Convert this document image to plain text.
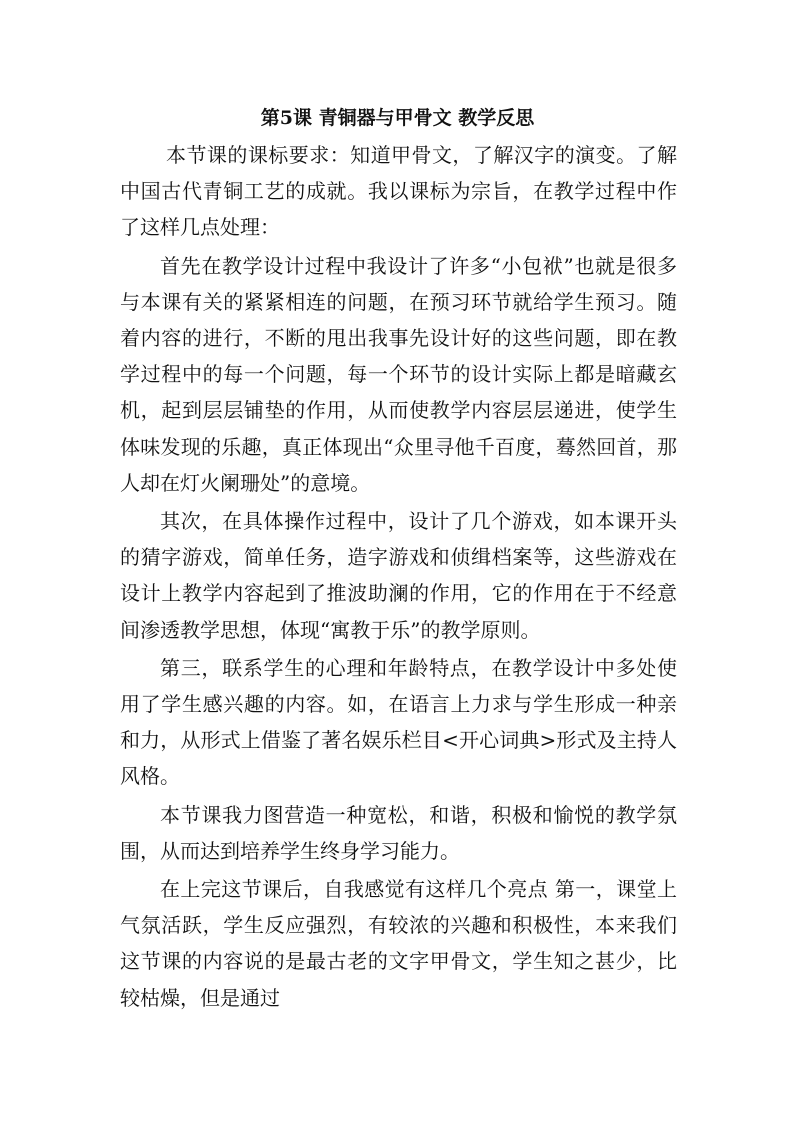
第5课 青铜器与甲骨文 教学反思

本节课的课标要求：知道甲骨文，了解汉字的演变。了解中国古代青铜工艺的成就。我以课标为宗旨，在教学过程中作了这样几点处理：

首先在教学设计过程中我设计了许多“小包袱”也就是很多与本课有关的紧紧相连的问题，在预习环节就给学生预习。随着内容的进行，不断的甩出我事先设计好的这些问题，即在教学过程中的每一个问题，每一个环节的设计实际上都是暗藏玄机，起到层层铺垫的作用，从而使教学内容层层递进，使学生体味发现的乐趣，真正体现出“众里寻他千百度，蓦然回首，那人却在灯火阑珊处”的意境。

其次，在具体操作过程中，设计了几个游戏，如本课开头的猜字游戏，简单任务，造字游戏和侦缉档案等，这些游戏在设计上教学内容起到了推波助澜的作用，它的作用在于不经意间渗透教学思想，体现“寓教于乐”的教学原则。

第三，联系学生的心理和年龄特点，在教学设计中多处使用了学生感兴趣的内容。如，在语言上力求与学生形成一种亲和力，从形式上借鉴了著名娱乐栏目<开心词典>形式及主持人风格。

本节课我力图营造一种宽松，和谐，积极和愉悦的教学氛围，从而达到培养学生终身学习能力。

在上完这节课后，自我感觉有这样几个亮点 第一，课堂上气氛活跃，学生反应强烈，有较浓的兴趣和积极性，本来我们这节课的内容说的是最古老的文字甲骨文，学生知之甚少，比较枯燥，但是通过
